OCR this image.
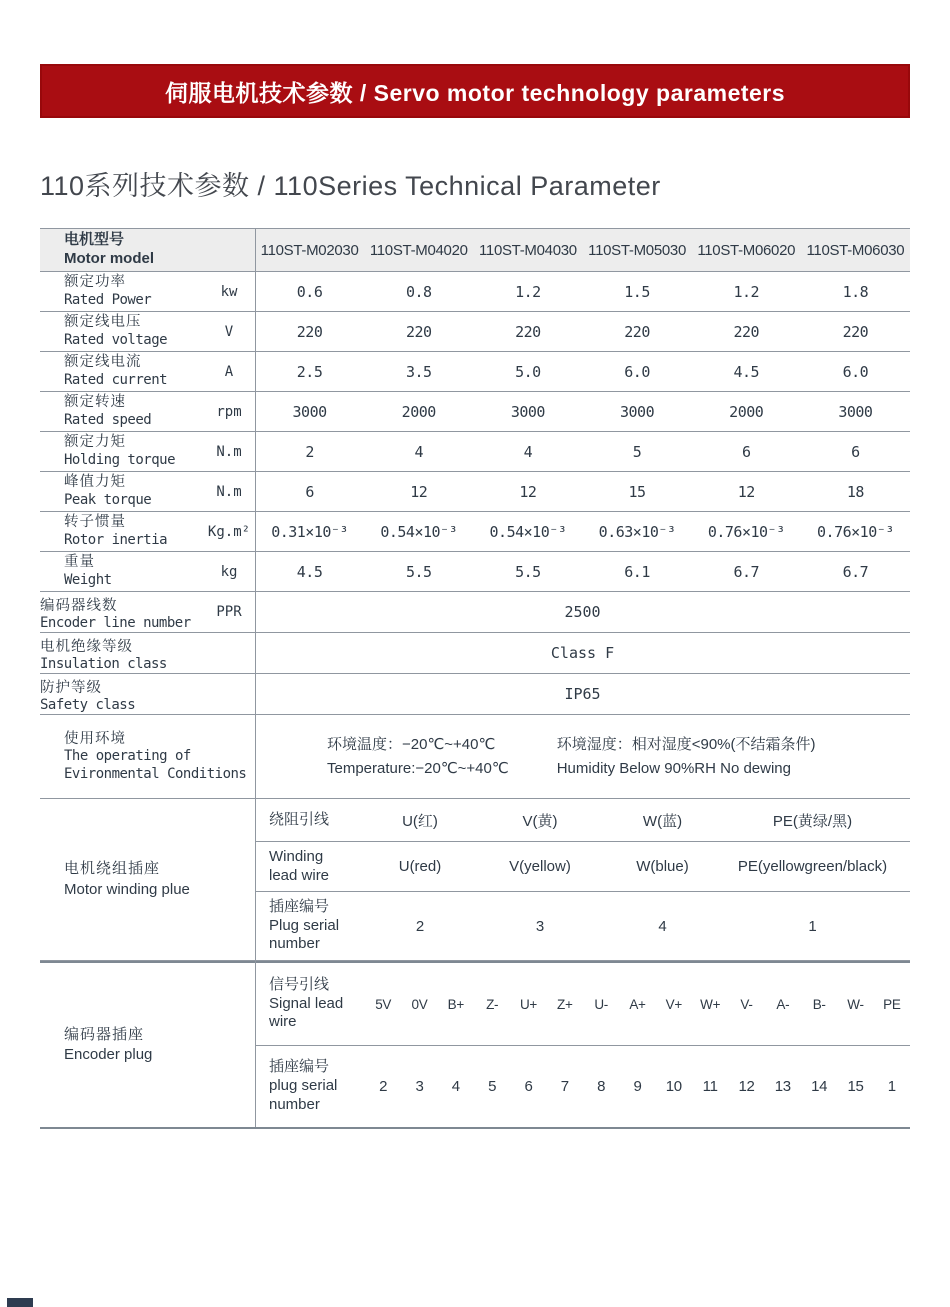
伺服电机技术参数 / Servo motor technology parameters
110系列技术参数 / 110Series Technical Parameter
电机型号
Motor model	110ST-M02030 110ST-M04020 110ST-M04030 110ST-M05030 110ST-M06020 110ST-M06030
额定功率
Rated Power
kw	0.6	0.8	1.2	1.5	1.2	1.8
额定线电压
Rated voltage
V	220	220	220	220	220	220
额定线电流
Rated current
A	2.5	3.5	5.0	6.0	4.5	6.0
额定转速
Rated speed
rpm	3000	2000	3000	3000	2000	3000
额定力矩
Holding torque
N.m	2	4	4	5	6	6
峰值力矩
Peak torque
N.m	6	12	12	15	12	18
转子惯量
Rotor inertia
Kg.m²	0.31×10⁻³	0.54×10⁻³	0.54×10⁻³	0.63×10⁻³	0.76×10⁻³	0.76×10⁻³
重量
Weight
kg	4.5	5.5	5.5	6.1	6.7	6.7
编码器线数
Encoder line number
PPR	2500
电机绝缘等级
Insulation class
Class F
防护等级
Safety class
IP65
使用环境
The operating of
Evironmental Conditions
环境温度：−20℃~+40℃
Temperature:−20℃~+40℃
环境湿度：相对湿度<90%(不结霜条件)
Humidity Below 90%RH No dewing
电机绕组插座
Motor winding plue
绕阻引线	U(红)	V(黄)	W(蓝)	PE(黄绿/黑)
Winding lead wire	U(red)	V(yellow)	W(blue)	PE(yellowgreen/black)
插座编号
Plug serial number
2	3	4	1
编码器插座
Encoder plug
信号引线
Signal lead wire
5V	0V	B+	Z-	U+	Z+	U-	A+	V+	W+	V-	A-	B-	W-	PE
插座编号
plug serial number
2	3	4	5	6	7	8	9	10	11	12	13	14	15	1
